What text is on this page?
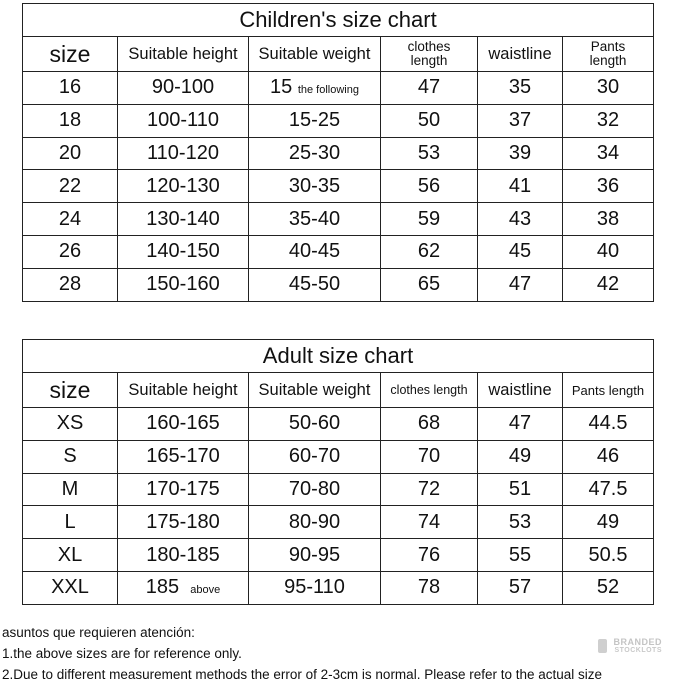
Children's size chart					
size	Suitable height	Suitable weight	clothes length	waistline	Pants length
16	90-100	15 the following	47	35	30
18	100-110	15-25	50	37	32
20	110-120	25-30	53	39	34
22	120-130	30-35	56	41	36
24	130-140	35-40	59	43	38
26	140-150	40-45	62	45	40
28	150-160	45-50	65	47	42
Adult size chart					
size	Suitable height	Suitable weight	clothes length	waistline	Pants length
XS	160-165	50-60	68	47	44.5
S	165-170	60-70	70	49	46
M	170-175	70-80	72	51	47.5
L	175-180	80-90	74	53	49
XL	180-185	90-95	76	55	50.5
XXL	185 above	95-110	78	57	52
asuntos que requieren atención:
1.the above sizes are for reference only.
2.Due to different measurement methods the error of 2-3cm is normal. Please refer to the actual size
BRANDED
STOCKLOTS
